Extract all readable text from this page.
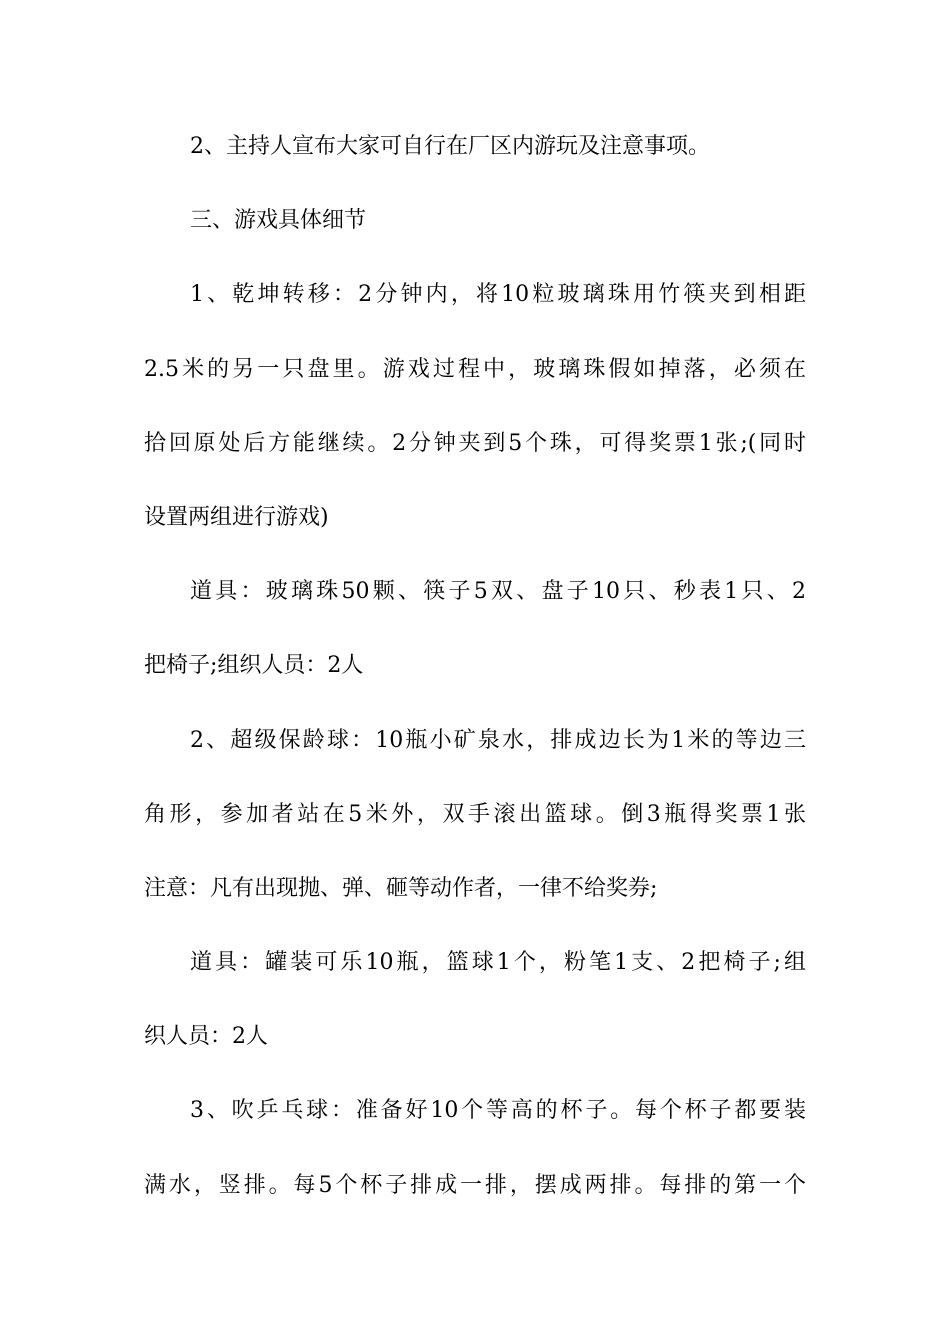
2、主持人宣布大家可自行在厂区内游玩及注意事项。
三、游戏具体细节
1、乾坤转移：2分钟内，将10粒玻璃珠用竹筷夹到相距
2.5米的另一只盘里。游戏过程中，玻璃珠假如掉落，必须在
拾回原处后方能继续。2分钟夹到5个珠，可得奖票1张;(同时
设置两组进行游戏)
道具：玻璃珠50颗、筷子5双、盘子10只、秒表1只、2
把椅子;组织人员：2人
2、超级保龄球：10瓶小矿泉水，排成边长为1米的等边三
角形，参加者站在5米外，双手滚出篮球。倒3瓶得奖票1张
注意：凡有出现抛、弹、砸等动作者，一律不给奖券;
道具：罐装可乐10瓶，篮球1个，粉笔1支、2把椅子;组
织人员：2人
3、吹乒乓球：准备好10个等高的杯子。每个杯子都要装
满水，竖排。每5个杯子排成一排，摆成两排。每排的第一个
